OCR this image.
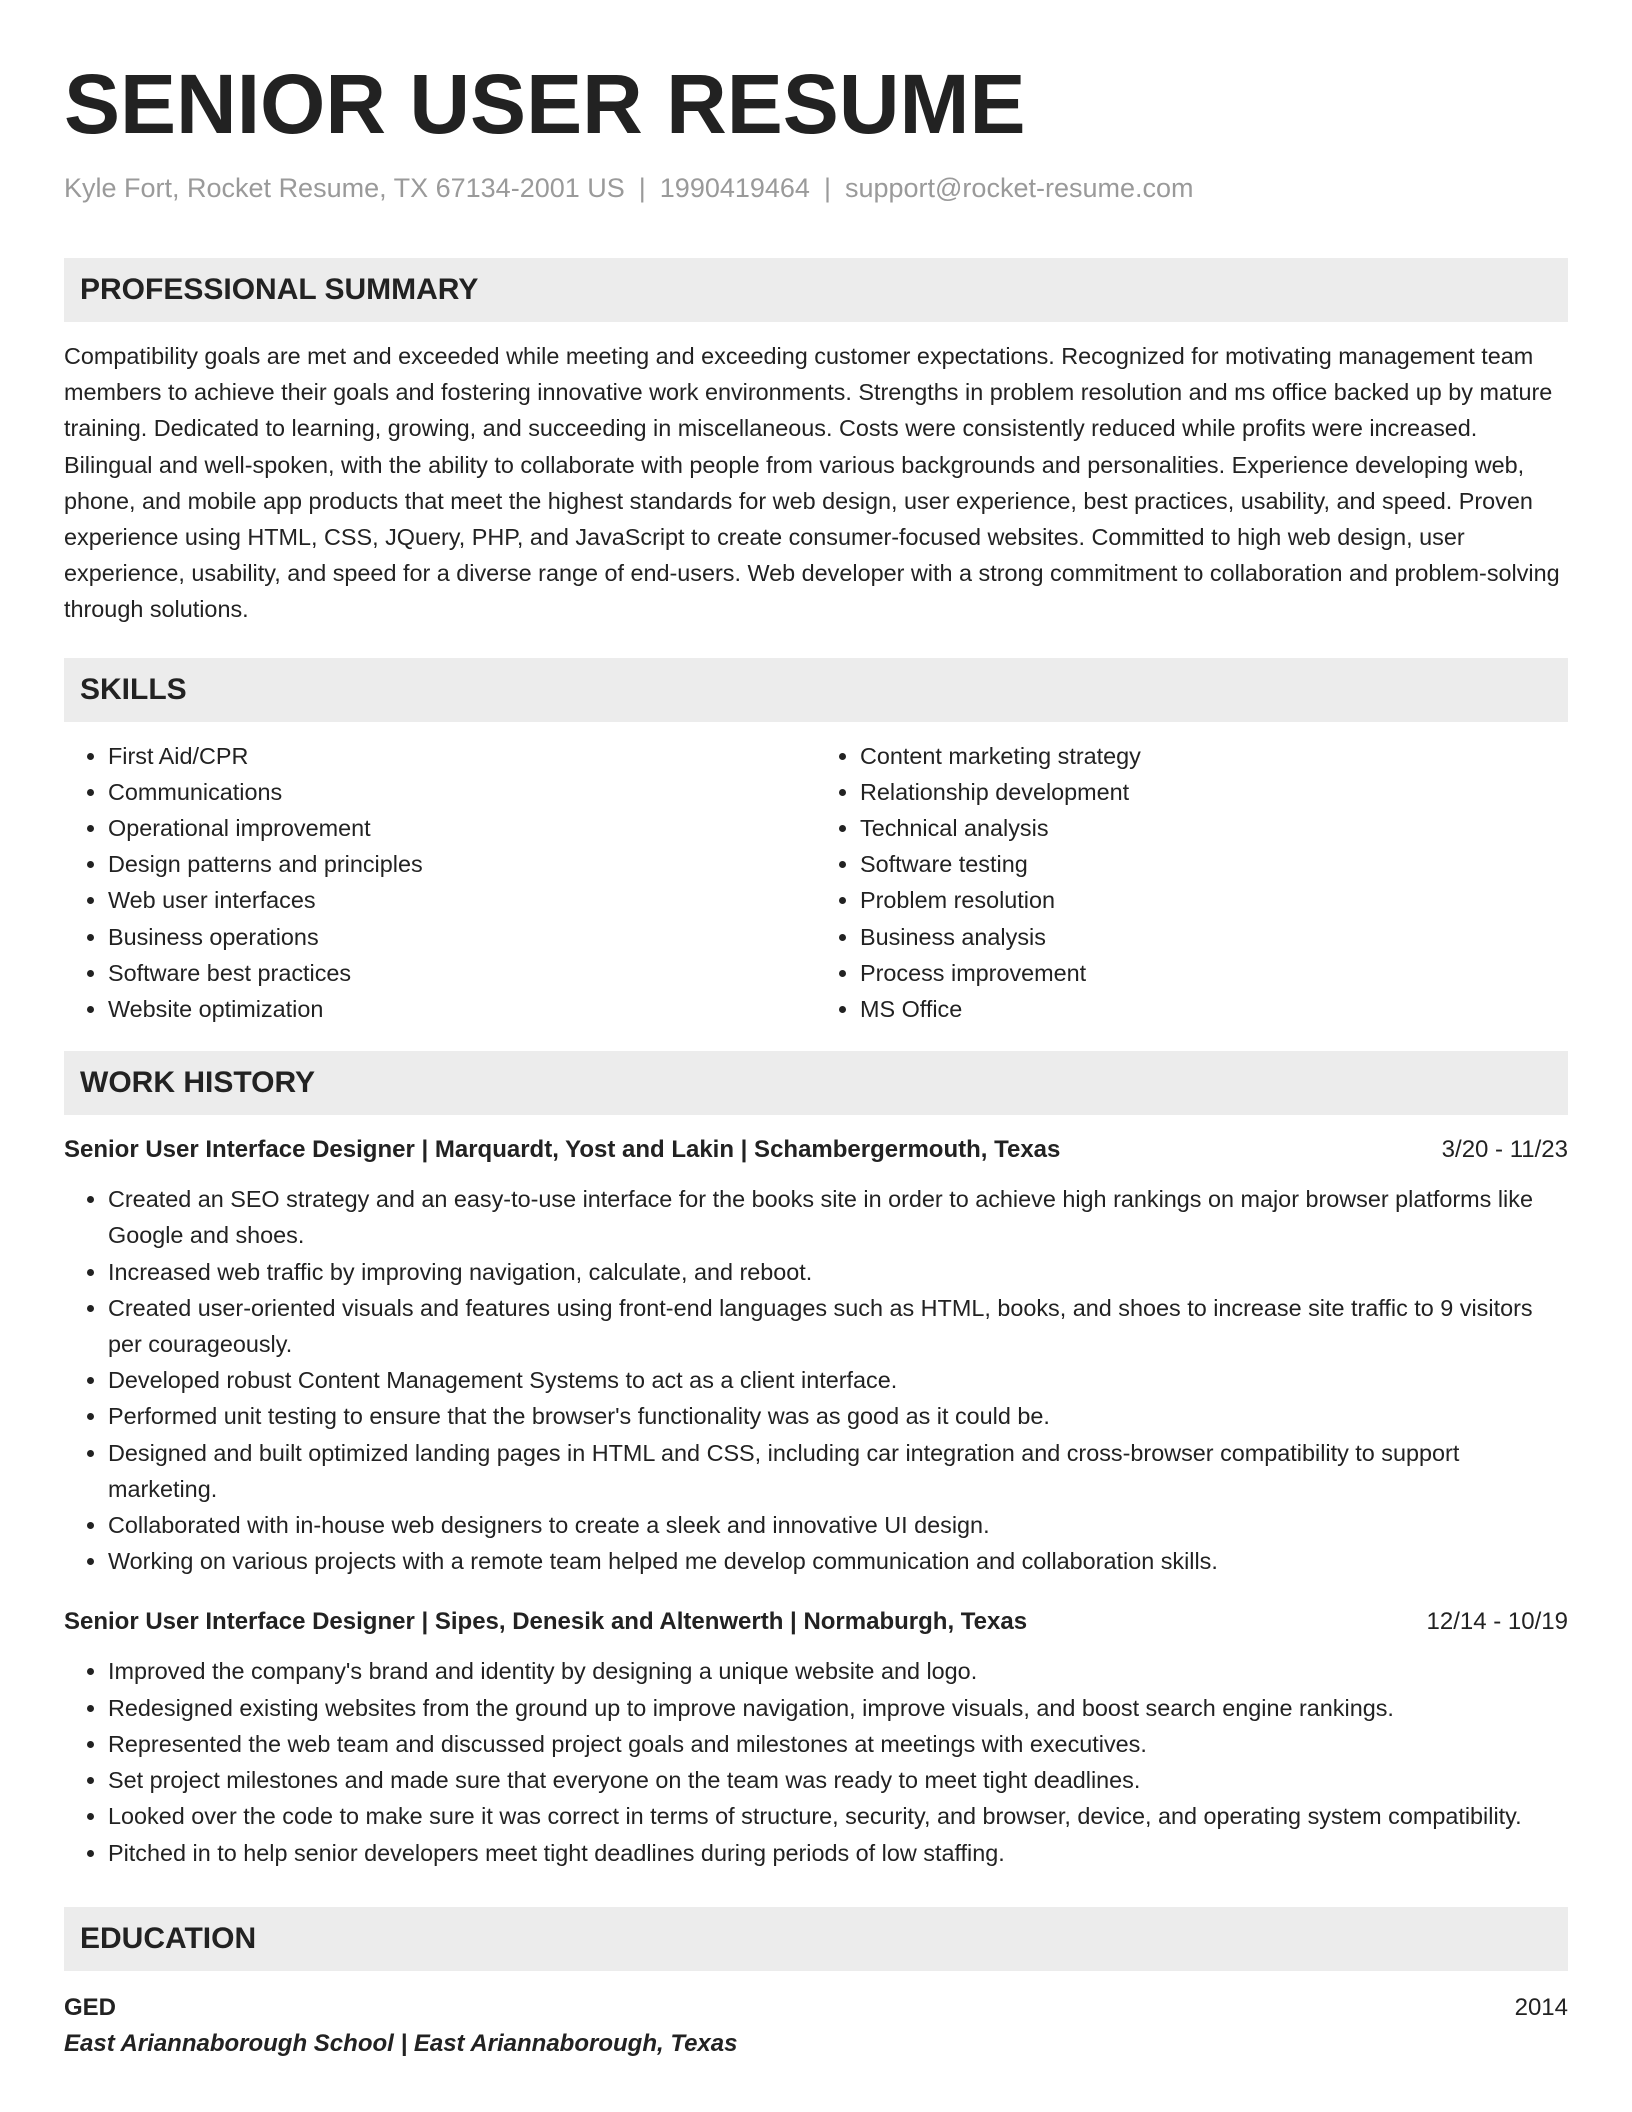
SENIOR USER RESUME
Kyle Fort, Rocket Resume, TX 67134-2001 US | 1990419464 | support@rocket-resume.com
PROFESSIONAL SUMMARY

Compatibility goals are met and exceeded while meeting and exceeding customer expectations. Recognized for motivating management team members to achieve their goals and fostering innovative work environments. Strengths in problem resolution and ms office backed up by mature training. Dedicated to learning, growing, and succeeding in miscellaneous. Costs were consistently reduced while profits were increased. Bilingual and well-spoken, with the ability to collaborate with people from various backgrounds and personalities. Experience developing web, phone, and mobile app products that meet the highest standards for web design, user experience, best practices, usability, and speed. Proven experience using HTML, CSS, JQuery, PHP, and JavaScript to create consumer-focused websites. Committed to high web design, user experience, usability, and speed for a diverse range of end-users. Web developer with a strong commitment to collaboration and problem-solving through solutions.

SKILLS
• First Aid/CPR
• Communications
• Operational improvement
• Design patterns and principles
• Web user interfaces
• Business operations
• Software best practices
• Website optimization
• Content marketing strategy
• Relationship development
• Technical analysis
• Software testing
• Problem resolution
• Business analysis
• Process improvement
• MS Office
WORK HISTORY
Senior User Interface Designer | Marquardt, Yost and Lakin | Schambergermouth, Texas	3/20 - 11/23
• Created an SEO strategy and an easy-to-use interface for the books site in order to achieve high rankings on major browser platforms like Google and shoes.
• Increased web traffic by improving navigation, calculate, and reboot.
• Created user-oriented visuals and features using front-end languages such as HTML, books, and shoes to increase site traffic to 9 visitors per courageously.
• Developed robust Content Management Systems to act as a client interface.
• Performed unit testing to ensure that the browser's functionality was as good as it could be.
• Designed and built optimized landing pages in HTML and CSS, including car integration and cross-browser compatibility to support marketing.
• Collaborated with in-house web designers to create a sleek and innovative UI design.
• Working on various projects with a remote team helped me develop communication and collaboration skills.
Senior User Interface Designer | Sipes, Denesik and Altenwerth | Normaburgh, Texas	12/14 - 10/19
• Improved the company's brand and identity by designing a unique website and logo.
• Redesigned existing websites from the ground up to improve navigation, improve visuals, and boost search engine rankings.
• Represented the web team and discussed project goals and milestones at meetings with executives.
• Set project milestones and made sure that everyone on the team was ready to meet tight deadlines.
• Looked over the code to make sure it was correct in terms of structure, security, and browser, device, and operating system compatibility.
• Pitched in to help senior developers meet tight deadlines during periods of low staffing.
EDUCATION
GED	2014
East Ariannaborough School | East Ariannaborough, Texas
